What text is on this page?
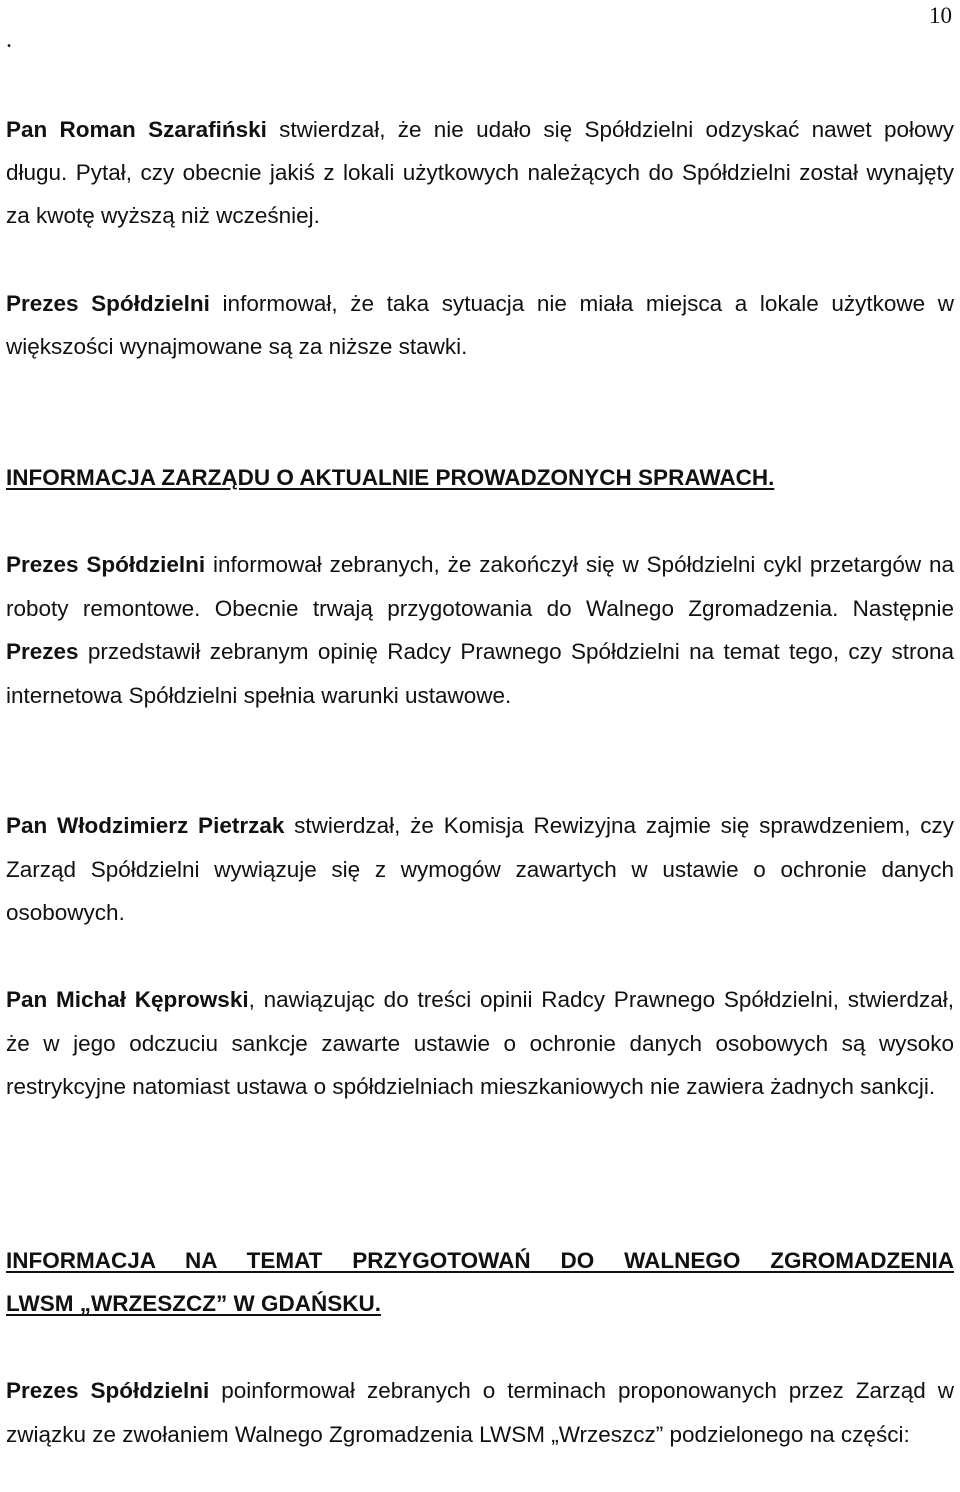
10
.

Pan Roman Szarafiński stwierdzał, że nie udało się Spółdzielni odzyskać nawet połowy długu. Pytał, czy obecnie jakiś z lokali użytkowych należących do Spółdzielni został wynajęty za kwotę wyższą niż wcześniej.

Prezes Spółdzielni informował, że taka sytuacja nie miała miejsca a lokale użytkowe w większości wynajmowane są za niższe stawki.

INFORMACJA ZARZĄDU O AKTUALNIE PROWADZONYCH SPRAWACH.

Prezes Spółdzielni informował zebranych, że zakończył się w Spółdzielni cykl przetargów na roboty remontowe. Obecnie trwają przygotowania do Walnego Zgromadzenia. Następnie Prezes przedstawił zebranym opinię Radcy Prawnego Spółdzielni na temat tego, czy strona internetowa Spółdzielni spełnia warunki ustawowe.

Pan Włodzimierz Pietrzak stwierdzał, że Komisja Rewizyjna zajmie się sprawdzeniem, czy Zarząd Spółdzielni wywiązuje się z wymogów zawartych w ustawie o ochronie danych osobowych.

Pan Michał Kęprowski, nawiązując do treści opinii Radcy Prawnego Spółdzielni, stwierdzał, że w jego odczuciu sankcje zawarte ustawie o ochronie danych osobowych są wysoko restrykcyjne natomiast ustawa o spółdzielniach mieszkaniowych nie zawiera żadnych sankcji.

INFORMACJA NA TEMAT PRZYGOTOWAŃ DO WALNEGO ZGROMADZENIA
LWSM „WRZESZCZ” W GDAŃSKU.

Prezes Spółdzielni poinformował zebranych o terminach proponowanych przez Zarząd w związku ze zwołaniem Walnego Zgromadzenia LWSM „Wrzeszcz” podzielonego na części:
